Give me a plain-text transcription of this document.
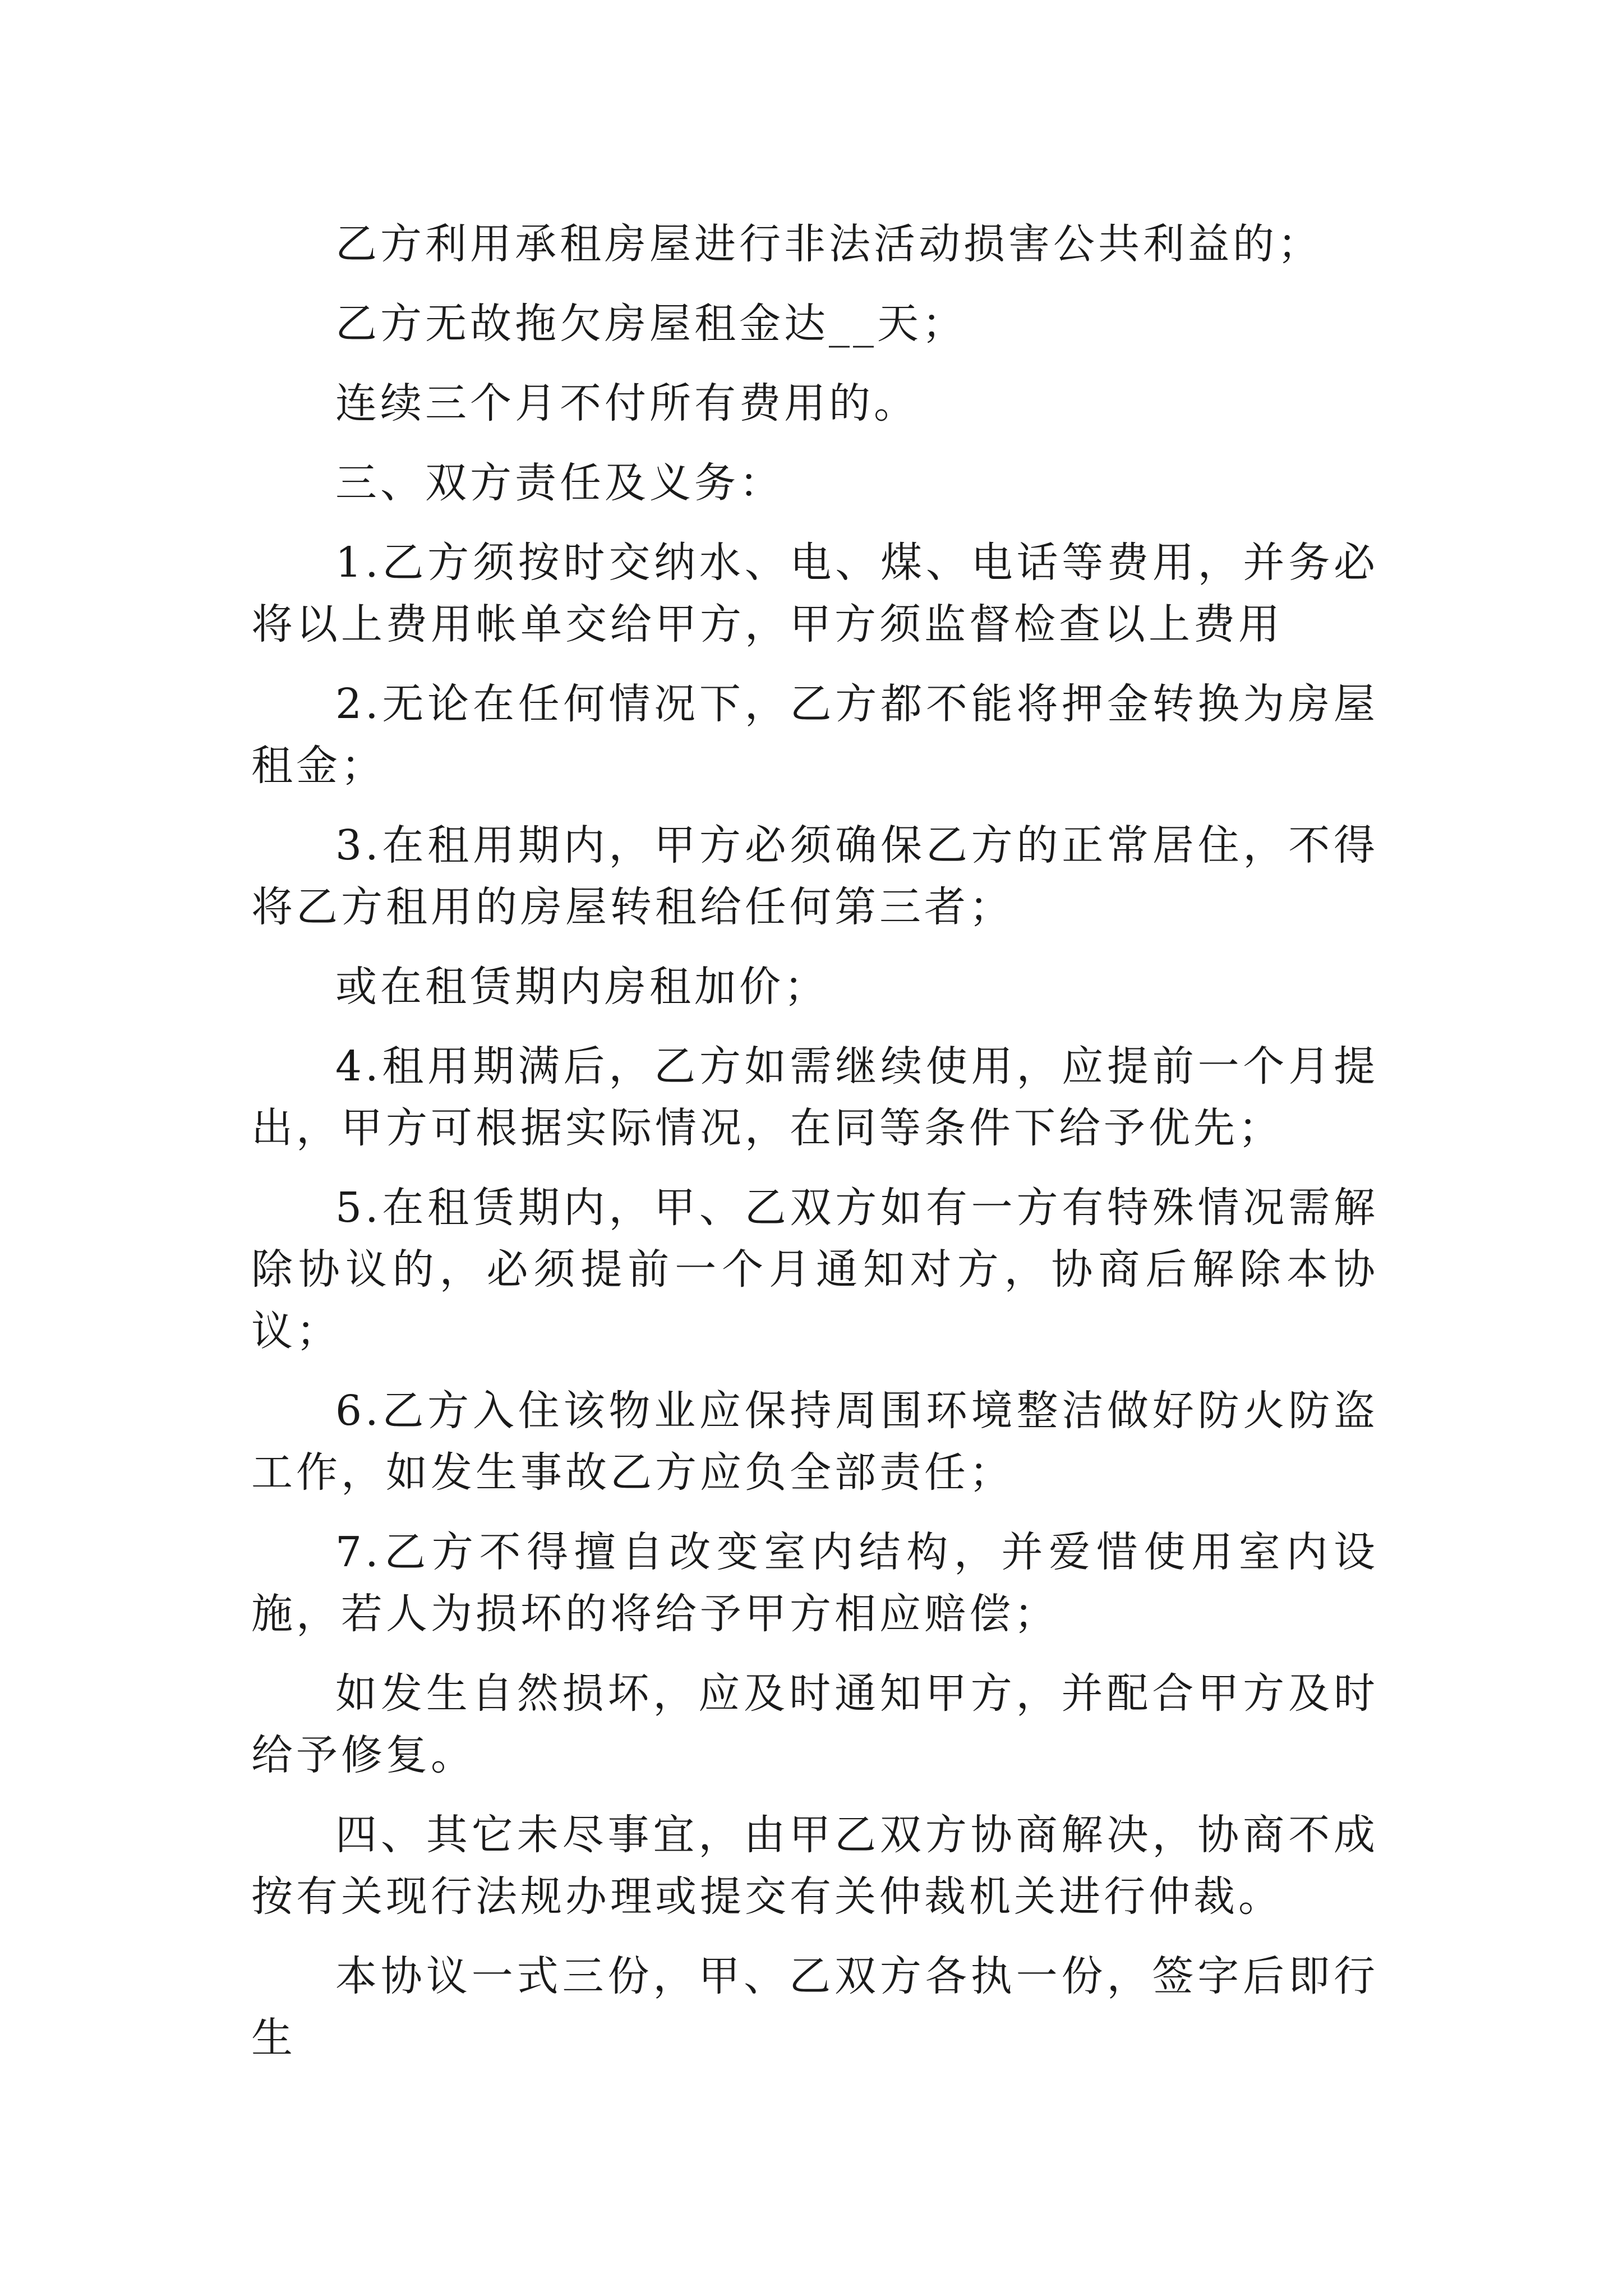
乙方利用承租房屋进行非法活动损害公共利益的；

乙方无故拖欠房屋租金达__天；

连续三个月不付所有费用的。

三、双方责任及义务：

1.乙方须按时交纳水、电、煤、电话等费用，并务必将以上费用帐单交给甲方，甲方须监督检查以上费用

2.无论在任何情况下，乙方都不能将押金转换为房屋租金；

3.在租用期内，甲方必须确保乙方的正常居住，不得将乙方租用的房屋转租给任何第三者；

或在租赁期内房租加价；

4.租用期满后，乙方如需继续使用，应提前一个月提出，甲方可根据实际情况，在同等条件下给予优先；

5.在租赁期内，甲、乙双方如有一方有特殊情况需解除协议的，必须提前一个月通知对方，协商后解除本协议；

6.乙方入住该物业应保持周围环境整洁做好防火防盗工作，如发生事故乙方应负全部责任；

7.乙方不得擅自改变室内结构，并爱惜使用室内设施，若人为损坏的将给予甲方相应赔偿；

如发生自然损坏，应及时通知甲方，并配合甲方及时给予修复。

四、其它未尽事宜，由甲乙双方协商解决，协商不成按有关现行法规办理或提交有关仲裁机关进行仲裁。

本协议一式三份，甲、乙双方各执一份，签字后即行生
